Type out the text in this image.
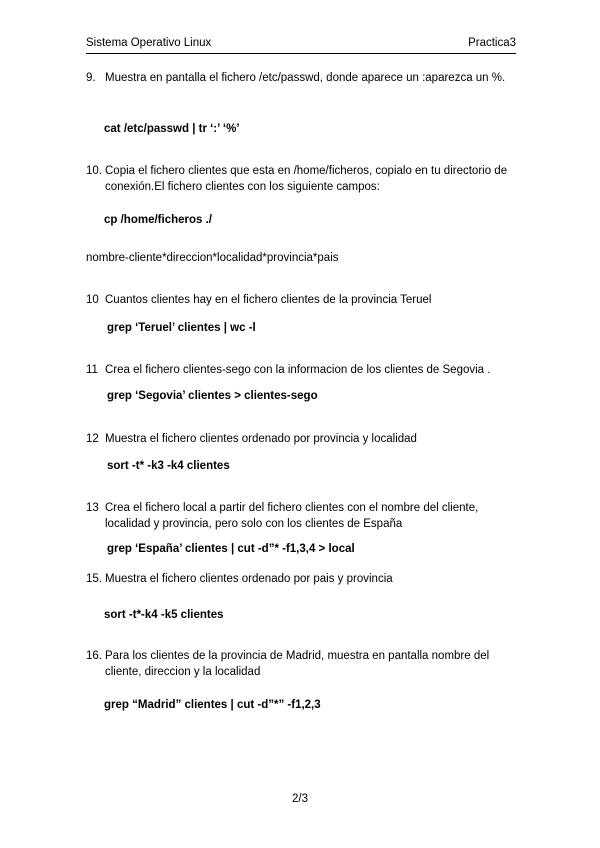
Sistema Operativo Linux	Practica3
9. Muestra en pantalla el fichero /etc/passwd, donde aparece un :aparezca un %.
cat /etc/passwd | tr ‘:’ ‘%’
10. Copia el fichero clientes que esta en /home/ficheros, copialo en tu directorio de conexión.El fichero clientes con los siguiente campos:
cp /home/ficheros ./
nombre-cliente*direccion*localidad*provincia*pais
10 Cuantos clientes hay en el fichero clientes de la provincia Teruel
grep ‘Teruel’ clientes | wc -l
11 Crea el fichero clientes-sego con la informacion de los clientes de Segovia .
grep ‘Segovia’ clientes > clientes-sego
12 Muestra el fichero clientes ordenado por provincia y localidad
sort -t* -k3 -k4 clientes
13 Crea el fichero local a partir del fichero clientes con el nombre del cliente, localidad y provincia, pero solo con los clientes de España
grep ‘España’ clientes | cut -d”* -f1,3,4 > local
15. Muestra el fichero clientes ordenado por pais y provincia
sort -t*-k4 -k5 clientes
16. Para los clientes de la provincia de Madrid, muestra en pantalla nombre del cliente, direccion y la localidad
grep “Madrid” clientes | cut -d”*” -f1,2,3
2/3
